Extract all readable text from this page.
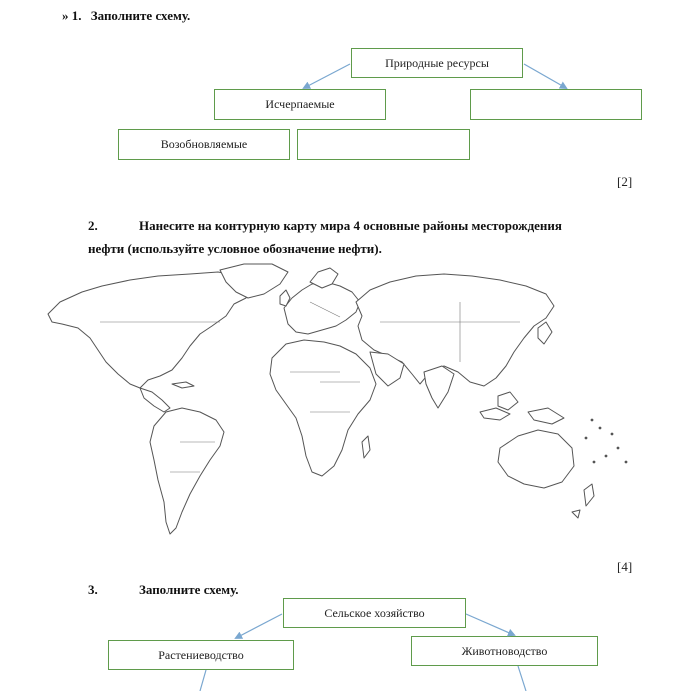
» 1. Заполните схему.
Природные ресурсы
Исчерпаемые
Возобновляемые
[2]
2.	Нанесите на контурную карту мира 4 основные районы месторождения
нефти (используйте условное обозначение нефти).
[4]
3.	Заполните схему.
Сельское хозяйство
Растениеводство	Животноводство
